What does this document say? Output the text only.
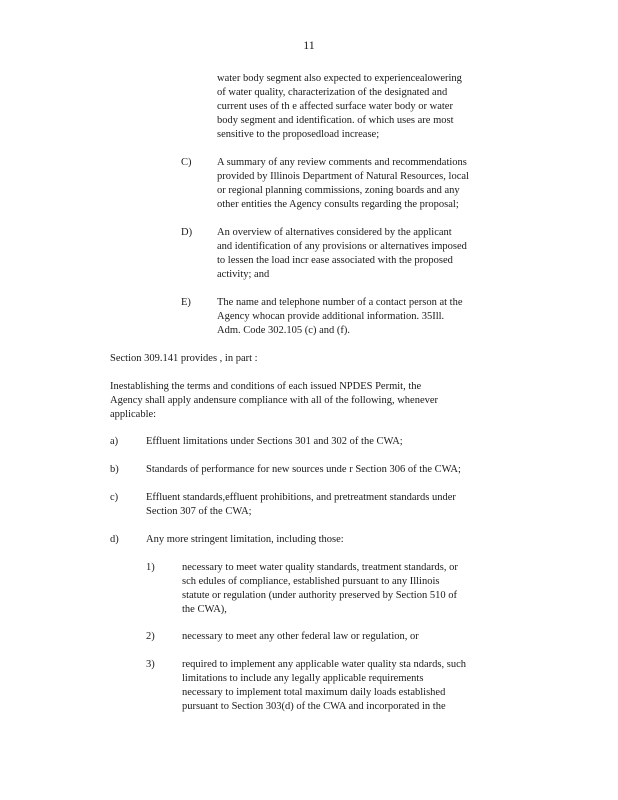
11
water body segment also expected to experiencealowering
of water quality, characterization of the designated and
current uses of th e affected surface water body or water
body segment and identification. of which uses are most
sensitive to the proposedload increase;
C) A summary of any review comments and recommendations
provided by Illinois Department of Natural Resources, local
or regional planning commissions, zoning boards and any
other entities the Agency consults regarding the proposal;
D) An overview of alternatives considered by the applicant
and identification of any provisions or alternatives imposed
to lessen the load incr ease associated with the proposed
activity; and
E) The name and telephone number of a contact person at the
Agency whocan provide additional information. 35Ill.
Adm. Code 302.105 (c) and (f).
Section 309.141 provides , in part :
Inestablishing the terms and conditions of each issued NPDES Permit, the
Agency shall apply andensure compliance with all of the following, whenever
applicable:
a)	Effluent limitations under Sections 301 and 302 of the CWA;
b)	Standards of performance for new sources unde r Section 306 of the CWA;
c)	Effluent standards,effluent prohibitions, and pretreatment standards under
Section 307 of the CWA;
d)	Any more stringent limitation, including those:
1)	necessary to meet water quality standards, treatment standards, or
sch edules of compliance, established pursuant to any Illinois
statute or regulation (under authority preserved by Section 510 of
the CWA),
2)	necessary to meet any other federal law or regulation, or
3)	required to implement any applicable water quality sta ndards, such
limitations to include any legally applicable requirements
necessary to implement total maximum daily loads established
pursuant to Section 303(d) of the CWA and incorporated in the
